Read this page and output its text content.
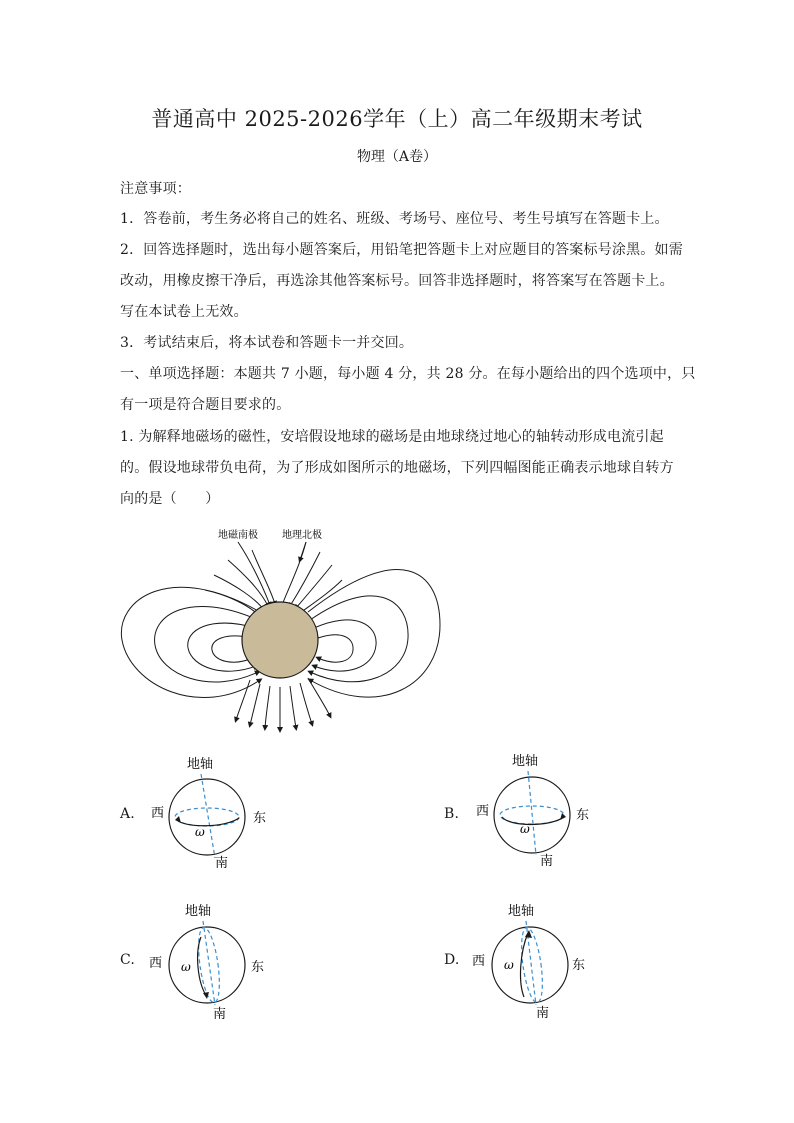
普通高中 2025-2026学年（上）高二年级期末考试
物理（A卷）
注意事项：
1．答卷前，考生务必将自己的姓名、班级、考场号、座位号、考生号填写在答题卡上。
2．回答选择题时，选出每小题答案后，用铅笔把答题卡上对应题目的答案标号涂黑。如需
改动，用橡皮擦干净后，再选涂其他答案标号。回答非选择题时，将答案写在答题卡上。
写在本试卷上无效。
3．考试结束后，将本试卷和答题卡一并交回。
一、单项选择题：本题共 7 小题，每小题 4 分，共 28 分。在每小题给出的四个选项中，只
有一项是符合题目要求的。
1. 为解释地磁场的磁性，安培假设地球的磁场是由地球绕过地心的轴转动形成电流引起
的。假设地球带负电荷，为了形成如图所示的地磁场，下列四幅图能正确表示地球自转方
向的是（　　）
地磁南极 地理北极
A.
地轴
西	东
南
ω
B.
地轴
西	东
南
ω
C.
地轴
西	东
南
ω	D.
地轴
西	东
南
ω
